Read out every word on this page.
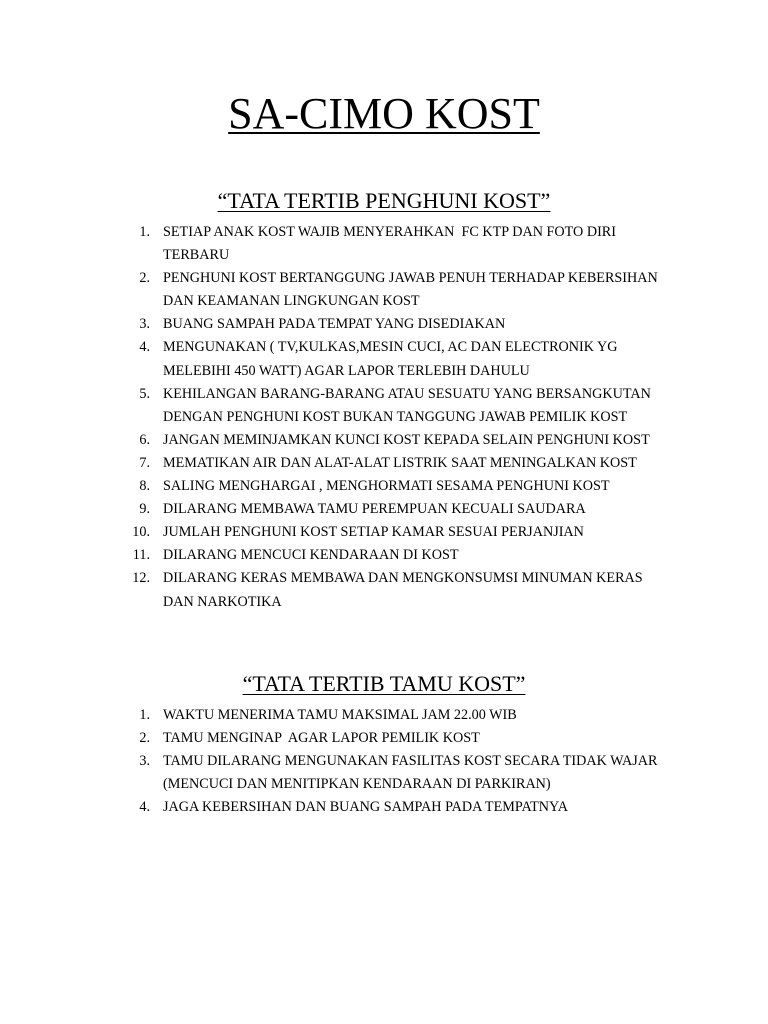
SA-CIMO KOST
“TATA TERTIB PENGHUNI KOST”
1. SETIAP ANAK KOST WAJIB MENYERAHKAN  FC KTP DAN FOTO DIRI
TERBARU
2. PENGHUNI KOST BERTANGGUNG JAWAB PENUH TERHADAP KEBERSIHAN
DAN KEAMANAN LINGKUNGAN KOST
3. BUANG SAMPAH PADA TEMPAT YANG DISEDIAKAN
4. MENGUNAKAN ( TV,KULKAS,MESIN CUCI, AC DAN ELECTRONIK YG
MELEBIHI 450 WATT) AGAR LAPOR TERLEBIH DAHULU
5. KEHILANGAN BARANG-BARANG ATAU SESUATU YANG BERSANGKUTAN
DENGAN PENGHUNI KOST BUKAN TANGGUNG JAWAB PEMILIK KOST
6. JANGAN MEMINJAMKAN KUNCI KOST KEPADA SELAIN PENGHUNI KOST
7. MEMATIKAN AIR DAN ALAT-ALAT LISTRIK SAAT MENINGALKAN KOST
8. SALING MENGHARGAI , MENGHORMATI SESAMA PENGHUNI KOST
9. DILARANG MEMBAWA TAMU PEREMPUAN KECUALI SAUDARA
10. JUMLAH PENGHUNI KOST SETIAP KAMAR SESUAI PERJANJIAN
11. DILARANG MENCUCI KENDARAAN DI KOST
12. DILARANG KERAS MEMBAWA DAN MENGKONSUMSI MINUMAN KERAS
DAN NARKOTIKA
“TATA TERTIB TAMU KOST”
1. WAKTU MENERIMA TAMU MAKSIMAL JAM 22.00 WIB
2. TAMU MENGINAP  AGAR LAPOR PEMILIK KOST
3. TAMU DILARANG MENGUNAKAN FASILITAS KOST SECARA TIDAK WAJAR
(MENCUCI DAN MENITIPKAN KENDARAAN DI PARKIRAN)
4. JAGA KEBERSIHAN DAN BUANG SAMPAH PADA TEMPATNYA
